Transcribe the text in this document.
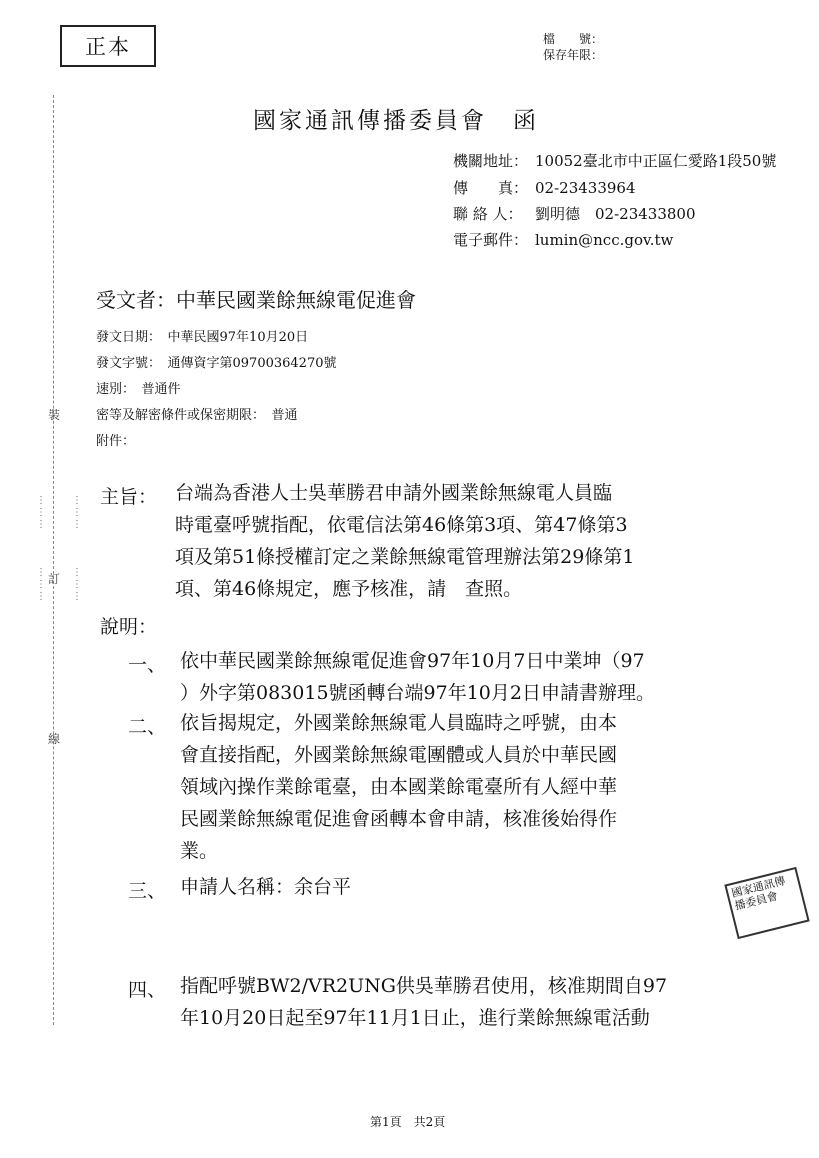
正本	檔　　號：
保存年限：
裝
訂
線
⋮
⋮
⋮

⋮
⋮
⋮
⋮
⋮
⋮

⋮
⋮
⋮
國家通訊傳播委員會　函
機關地址： 10052臺北市中正區仁愛路1段50號
傳　　真： 02-23433964
聯 絡 人： 劉明德　02-23433800
電子郵件： lumin@ncc.gov.tw
受文者：中華民國業餘無線電促進會
發文日期：　中華民國97年10月20日
發文字號：　通傳資字第09700364270號
速別：　普通件
密等及解密條件或保密期限：　普通
附件：
主旨： 台端為香港人士吳華勝君申請外國業餘無線電人員臨
時電臺呼號指配，依電信法第46條第3項、第47條第3
項及第51條授權訂定之業餘無線電管理辦法第29條第1
項、第46條規定，應予核准，請　查照。
說明：
一、 依中華民國業餘無線電促進會97年10月7日中業坤（97
）外字第083015號函轉台端97年10月2日申請書辦理。
二、 依旨揭規定，外國業餘無線電人員臨時之呼號，由本
會直接指配，外國業餘無線電團體或人員於中華民國
領域內操作業餘電臺，由本國業餘電臺所有人經中華
民國業餘無線電促進會函轉本會申請，核准後始得作
業。
三、 申請人名稱：余台平	國家通訊傳播委員會
四、 指配呼號BW2/VR2UNG供吳華勝君使用，核准期間自97
年10月20日起至97年11月1日止，進行業餘無線電活動
第1頁　共2頁
